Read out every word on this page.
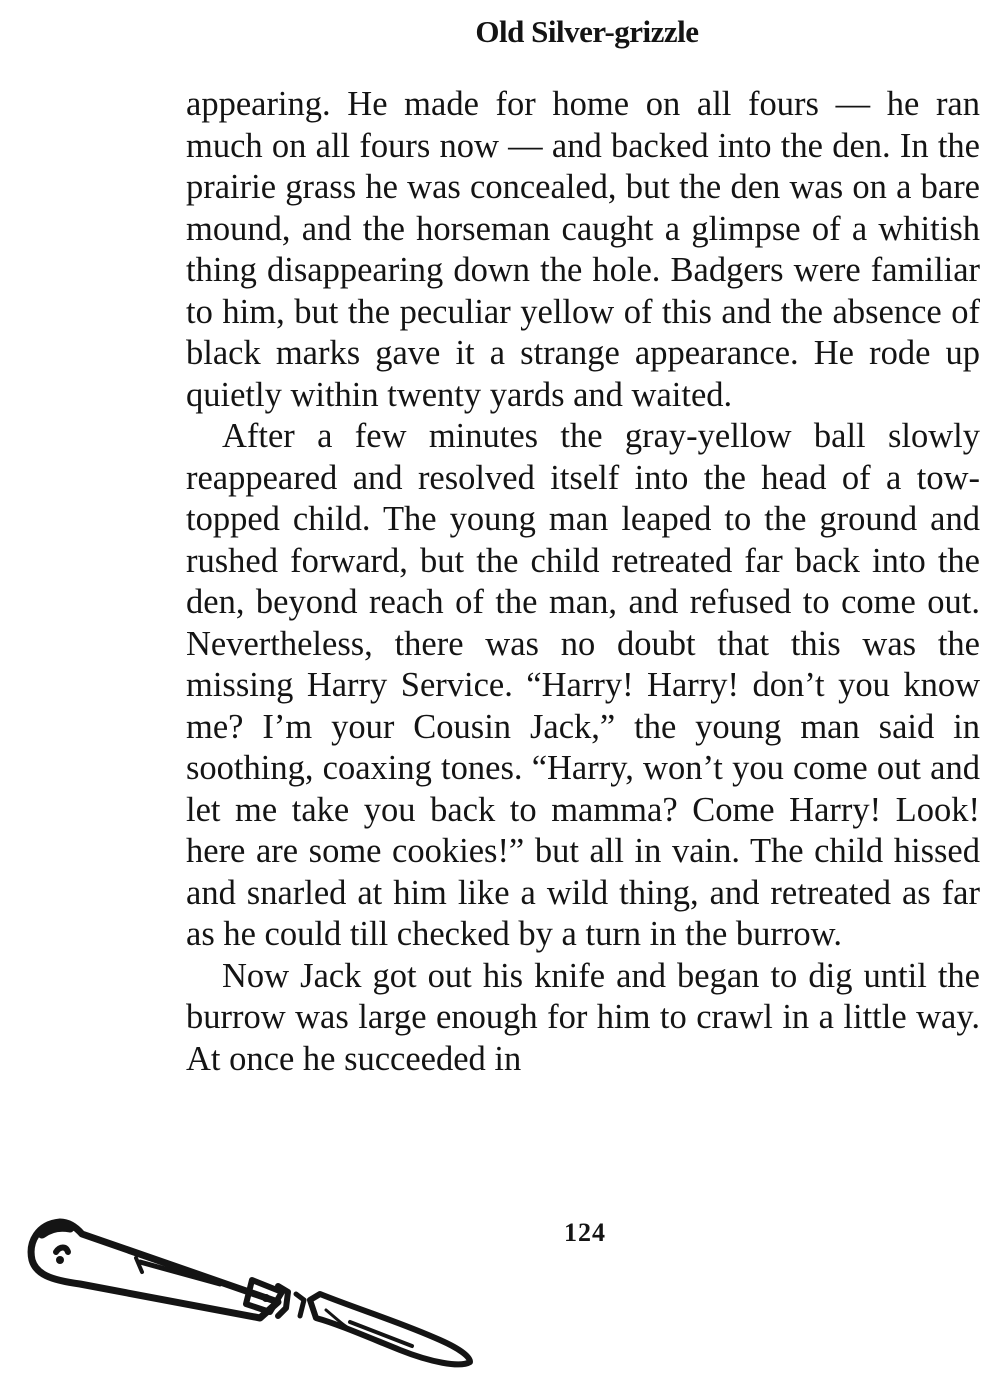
Old Silver-grizzle

appearing. He made for home on all fours — he ran much on all fours now — and backed into the den. In the prairie grass he was concealed, but the den was on a bare mound, and the horseman caught a glimpse of a whitish thing disappearing down the hole. Badgers were familiar to him, but the peculiar yellow of this and the absence of black marks gave it a strange appearance. He rode up quietly within twenty yards and waited.

After a few minutes the gray-yellow ball slowly reappeared and resolved itself into the head of a tow-topped child. The young man leaped to the ground and rushed forward, but the child retreated far back into the den, beyond reach of the man, and refused to come out. Nevertheless, there was no doubt that this was the missing Harry Service. “Harry! Harry! don’t you know me? I’m your Cousin Jack,” the young man said in soothing, coaxing tones. “Harry, won’t you come out and let me take you back to mamma? Come Harry! Look! here are some cookies!” but all in vain. The child hissed and snarled at him like a wild thing, and retreated as far as he could till checked by a turn in the burrow.

Now Jack got out his knife and began to dig until the burrow was large enough for him to crawl in a little way. At once he succeeded in

124
